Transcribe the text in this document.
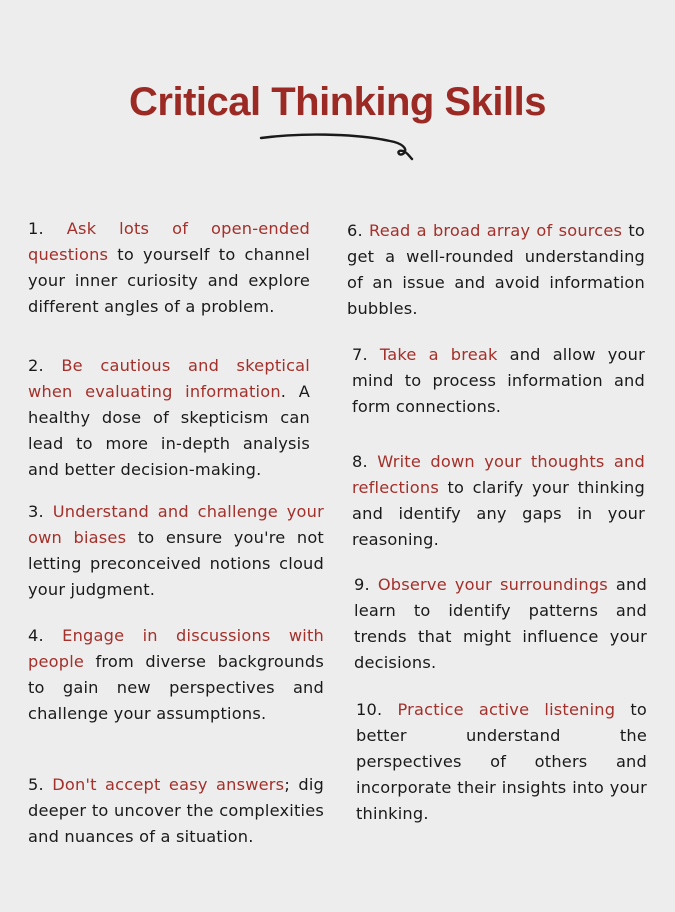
Critical Thinking Skills
1. Ask lots of open-ended questions to yourself to channel your inner curiosity and explore different angles of a problem.
2. Be cautious and skeptical when evaluating information. A healthy dose of skepticism can lead to more in-depth analysis and better decision-making.
3. Understand and challenge your own biases to ensure you're not letting preconceived notions cloud your judgment.
4. Engage in discussions with people from diverse backgrounds to gain new perspectives and challenge your assumptions.
5. Don't accept easy answers; dig deeper to uncover the complexities and nuances of a situation.
6. Read a broad array of sources to get a well-rounded understanding of an issue and avoid information bubbles.
7. Take a break and allow your mind to process information and form connections.
8. Write down your thoughts and reflections to clarify your thinking and identify any gaps in your reasoning.
9. Observe your surroundings and learn to identify patterns and trends that might influence your decisions.
10. Practice active listening to better understand the perspectives of others and incorporate their insights into your thinking.
